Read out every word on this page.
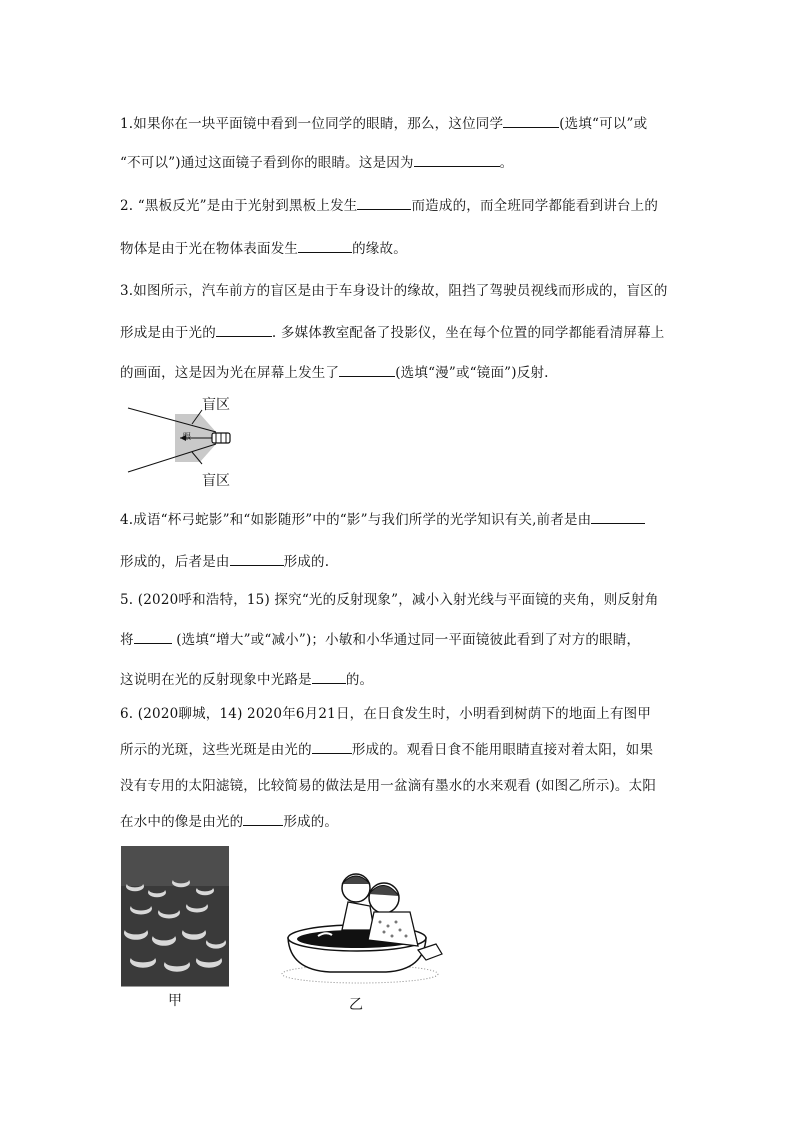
1.如果你在一块平面镜中看到一位同学的眼睛，那么，这位同学	(选填“可以”或
“不可以”)通过这面镜子看到你的眼睛。这是因为	。
2. “黑板反光”是由于光射到黑板上发生	而造成的，而全班同学都能看到讲台上的
物体是由于光在物体表面发生	的缘故。
3.如图所示，汽车前方的盲区是由于车身设计的缘故，阻挡了驾驶员视线而形成的，盲区的
形成是由于光的	. 多媒体教室配备了投影仪，坐在每个位置的同学都能看清屏幕上
的画面，这是因为光在屏幕上发生了	(选填“漫”或“镜面”)反射.
盲区
盲区
眼
4.成语“杯弓蛇影”和“如影随形”中的“影”与我们所学的光学知识有关,前者是由
形成的，后者是由	形成的.
5. (2020呼和浩特，15) 探究“光的反射现象”，减小入射光线与平面镜的夹角，则反射角
将	(选填“增大”或“减小”)；小敏和小华通过同一平面镜彼此看到了对方的眼睛，
这说明在光的反射现象中光路是	的。
6. (2020聊城，14) 2020年6月21日，在日食发生时，小明看到树荫下的地面上有图甲
所示的光斑，这些光斑是由光的	形成的。观看日食不能用眼睛直接对着太阳，如果
没有专用的太阳滤镜，比较简易的做法是用一盆滴有墨水的水来观看 (如图乙所示)。太阳
在水中的像是由光的	形成的。
甲	乙
